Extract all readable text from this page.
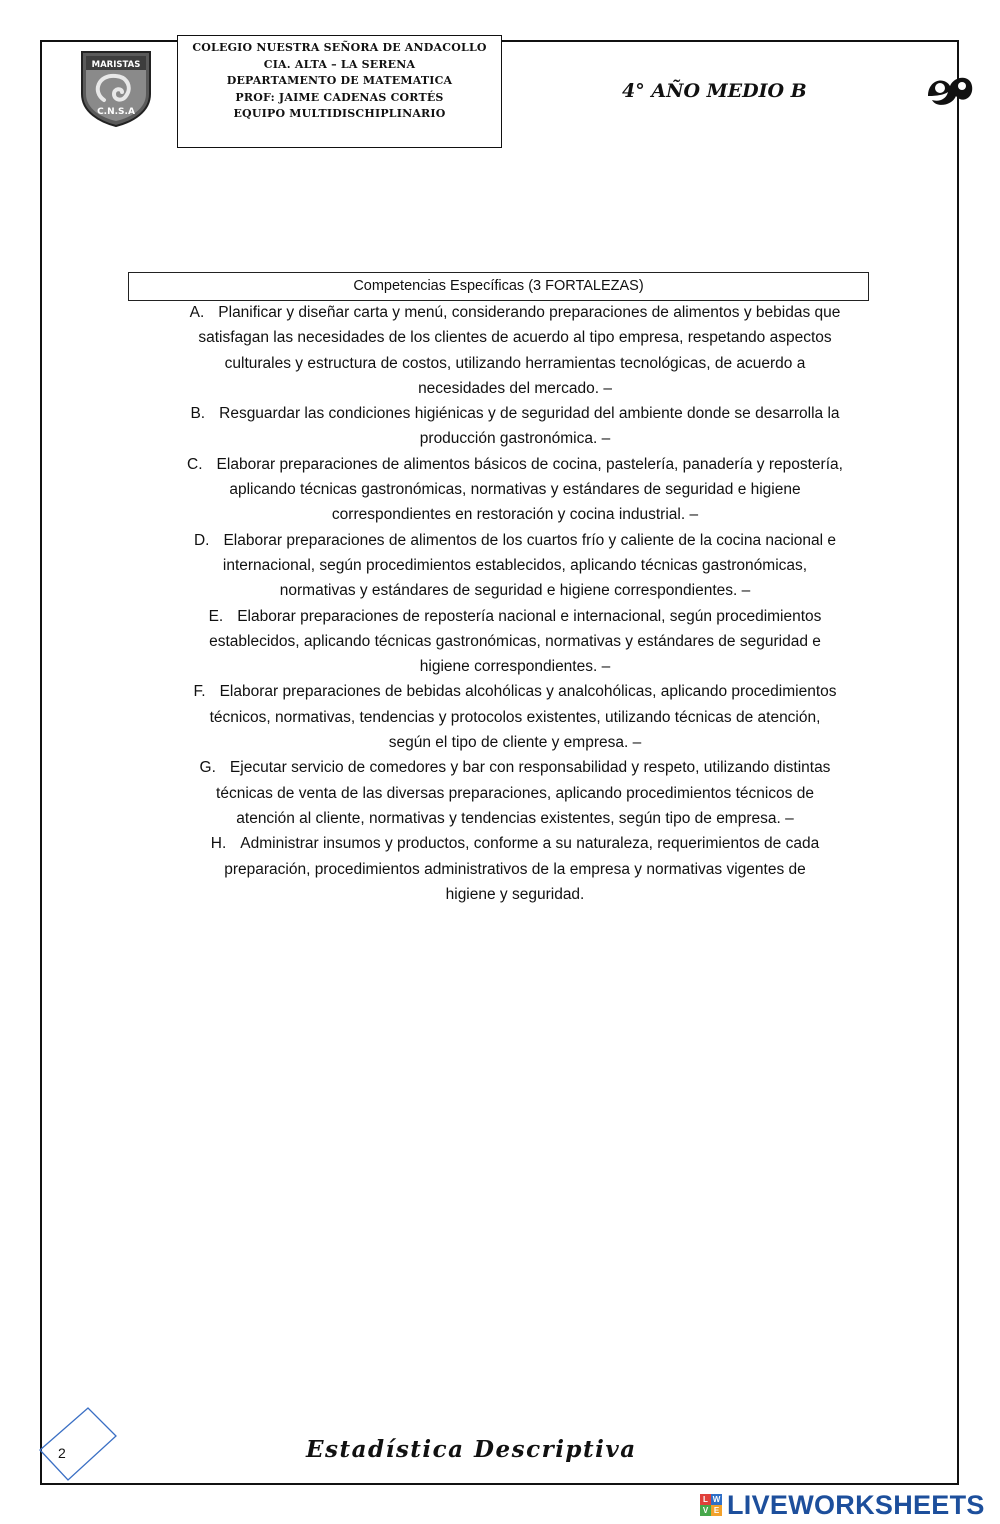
MARISTAS
C.N.S.A
COLEGIO NUESTRA SEÑORA DE ANDACOLLO
CIA. ALTA – LA SERENA
DEPARTAMENTO DE MATEMATICA
PROF: JAIME CADENAS CORTÉS
EQUIPO MULTIDISCHIPLINARIO
4° AÑO MEDIO B
Competencias Específicas (3 FORTALEZAS)
A. Planificar y diseñar carta y menú, considerando preparaciones de alimentos y bebidas que
satisfagan las necesidades de los clientes de acuerdo al tipo empresa, respetando aspectos
culturales y estructura de costos, utilizando herramientas tecnológicas, de acuerdo a
necesidades del mercado. –
B. Resguardar las condiciones higiénicas y de seguridad del ambiente donde se desarrolla la
producción gastronómica. –
C. Elaborar preparaciones de alimentos básicos de cocina, pastelería, panadería y repostería,
aplicando técnicas gastronómicas, normativas y estándares de seguridad e higiene
correspondientes en restoración y cocina industrial. –
D. Elaborar preparaciones de alimentos de los cuartos frío y caliente de la cocina nacional e
internacional, según procedimientos establecidos, aplicando técnicas gastronómicas,
normativas y estándares de seguridad e higiene correspondientes. –
E. Elaborar preparaciones de repostería nacional e internacional, según procedimientos
establecidos, aplicando técnicas gastronómicas, normativas y estándares de seguridad e
higiene correspondientes. –
F. Elaborar preparaciones de bebidas alcohólicas y analcohólicas, aplicando procedimientos
técnicos, normativas, tendencias y protocolos existentes, utilizando técnicas de atención,
según el tipo de cliente y empresa. –
G. Ejecutar servicio de comedores y bar con responsabilidad y respeto, utilizando distintas
técnicas de venta de las diversas preparaciones, aplicando procedimientos técnicos de
atención al cliente, normativas y tendencias existentes, según tipo de empresa. –
H. Administrar insumos y productos, conforme a su naturaleza, requerimientos de cada
preparación, procedimientos administrativos de la empresa y normativas vigentes de
higiene y seguridad.
2	Estadística Descriptiva
L W
V E LIVEWORKSHEETS
